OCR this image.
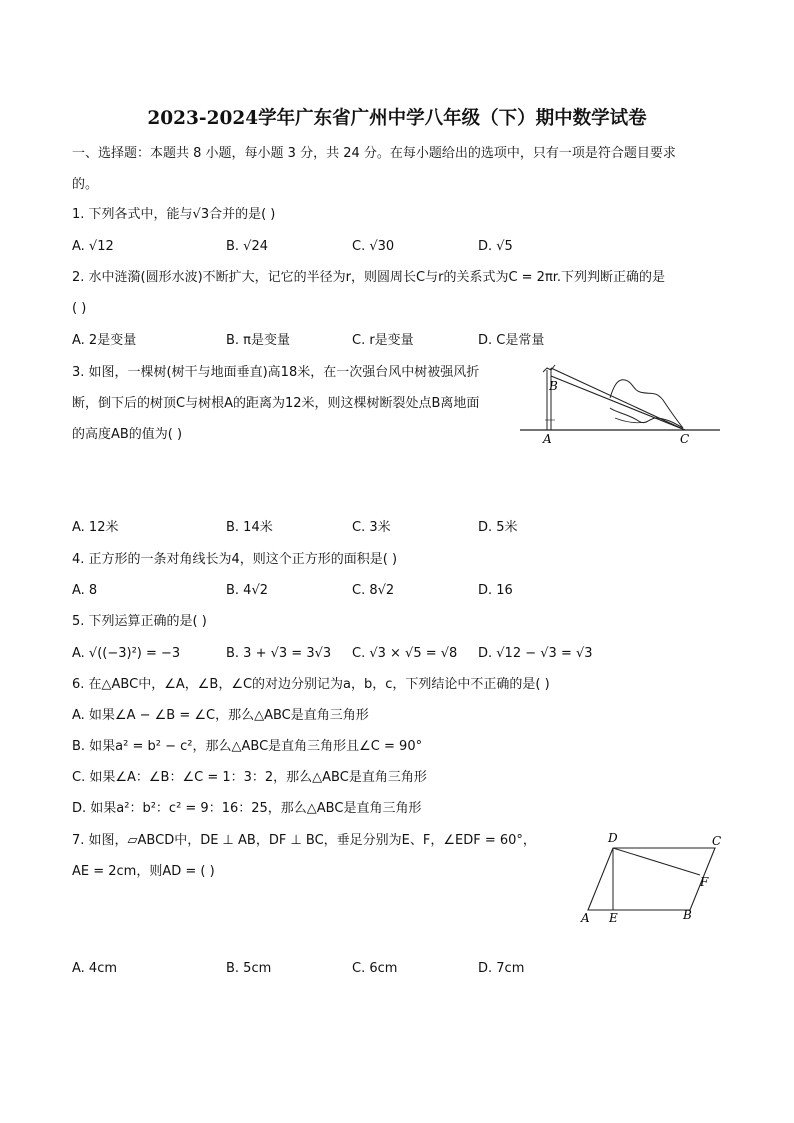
2023-2024学年广东省广州中学八年级（下）期中数学试卷
一、选择题：本题共 8 小题，每小题 3 分，共 24 分。在每小题给出的选项中，只有一项是符合题目要求
的。
1. 下列各式中，能与√3合并的是( )
A. √12	B. √24	C. √30	D. √5
2. 水中涟漪(圆形水波)不断扩大，记它的半径为r，则圆周长C与r的关系式为C = 2πr.下列判断正确的是
( )
A. 2是变量	B. π是变量	C. r是变量	D. C是常量
3. 如图，一棵树(树干与地面垂直)高18米，在一次强台风中树被强风折
断，倒下后的树顶C与树根A的距离为12米，则这棵树断裂处点B离地面
的高度AB的值为( )
B
A	C
A. 12米	B. 14米	C. 3米	D. 5米
4. 正方形的一条对角线长为4，则这个正方形的面积是( )
A. 8	B. 4√2	C. 8√2	D. 16
5. 下列运算正确的是( )
A. √((−3)²) = −3	B. 3 + √3 = 3√3 C. √3 × √5 = √8 D. √12 − √3 = √3
6. 在△ABC中，∠A，∠B，∠C的对边分别记为a，b，c，下列结论中不正确的是( )
A. 如果∠A − ∠B = ∠C，那么△ABC是直角三角形
B. 如果a² = b² − c²，那么△ABC是直角三角形且∠C = 90°
C. 如果∠A：∠B：∠C = 1：3：2，那么△ABC是直角三角形
D. 如果a²：b²：c² = 9：16：25，那么△ABC是直角三角形
7. 如图，▱ABCD中，DE ⊥ AB，DF ⊥ BC，垂足分别为E、F，∠EDF = 60°，
AE = 2cm，则AD = ( )
D	C
F
A E	B
A. 4cm	B. 5cm	C. 6cm	D. 7cm
